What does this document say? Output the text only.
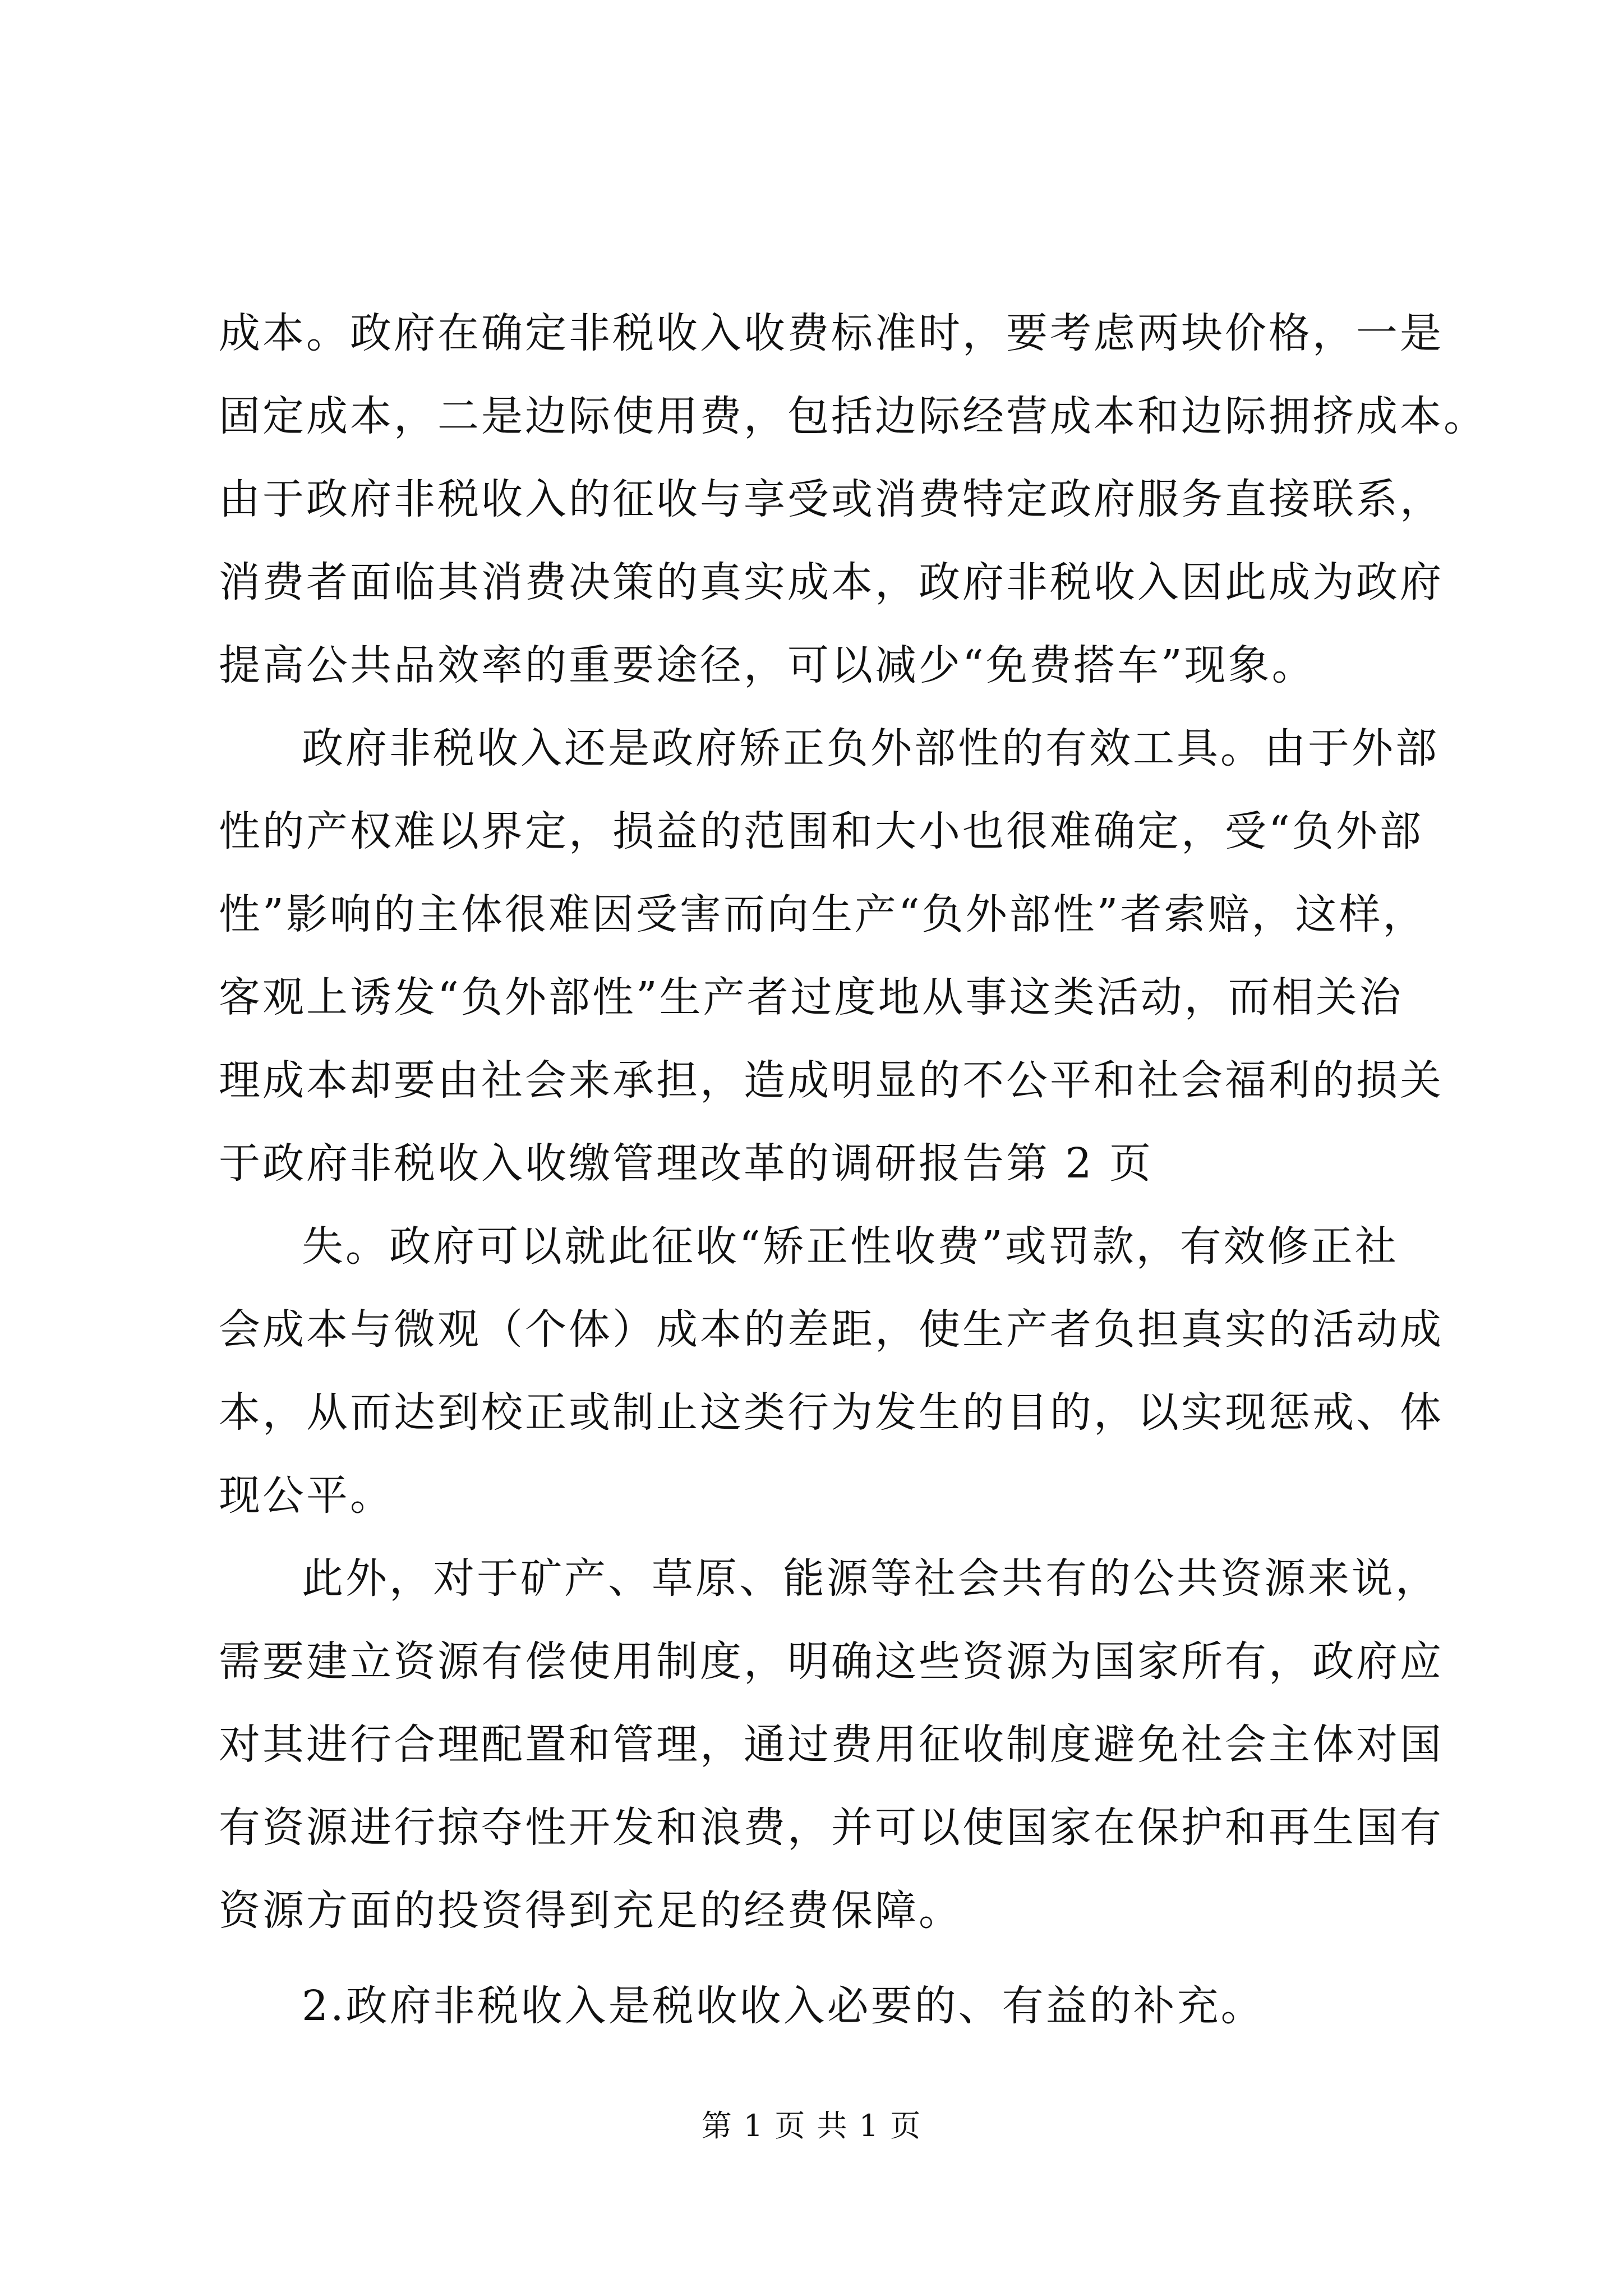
成本。政府在确定非税收入收费标准时，要考虑两块价格，一是
固定成本，二是边际使用费，包括边际经营成本和边际拥挤成本。
由于政府非税收入的征收与享受或消费特定政府服务直接联系，
消费者面临其消费决策的真实成本，政府非税收入因此成为政府
提高公共品效率的重要途径，可以减少“免费搭车”现象。
政府非税收入还是政府矫正负外部性的有效工具。由于外部
性的产权难以界定，损益的范围和大小也很难确定，受“负外部
性”影响的主体很难因受害而向生产“负外部性”者索赔，这样，
客观上诱发“负外部性”生产者过度地从事这类活动，而相关治
理成本却要由社会来承担，造成明显的不公平和社会福利的损关
于政府非税收入收缴管理改革的调研报告第 2 页
失。政府可以就此征收“矫正性收费”或罚款，有效修正社
会成本与微观（个体）成本的差距，使生产者负担真实的活动成
本，从而达到校正或制止这类行为发生的目的，以实现惩戒、体
现公平。
此外，对于矿产、草原、能源等社会共有的公共资源来说，
需要建立资源有偿使用制度，明确这些资源为国家所有，政府应
对其进行合理配置和管理，通过费用征收制度避免社会主体对国
有资源进行掠夺性开发和浪费，并可以使国家在保护和再生国有
资源方面的投资得到充足的经费保障。
2.政府非税收入是税收收入必要的、有益的补充。
第 1 页 共 1 页
